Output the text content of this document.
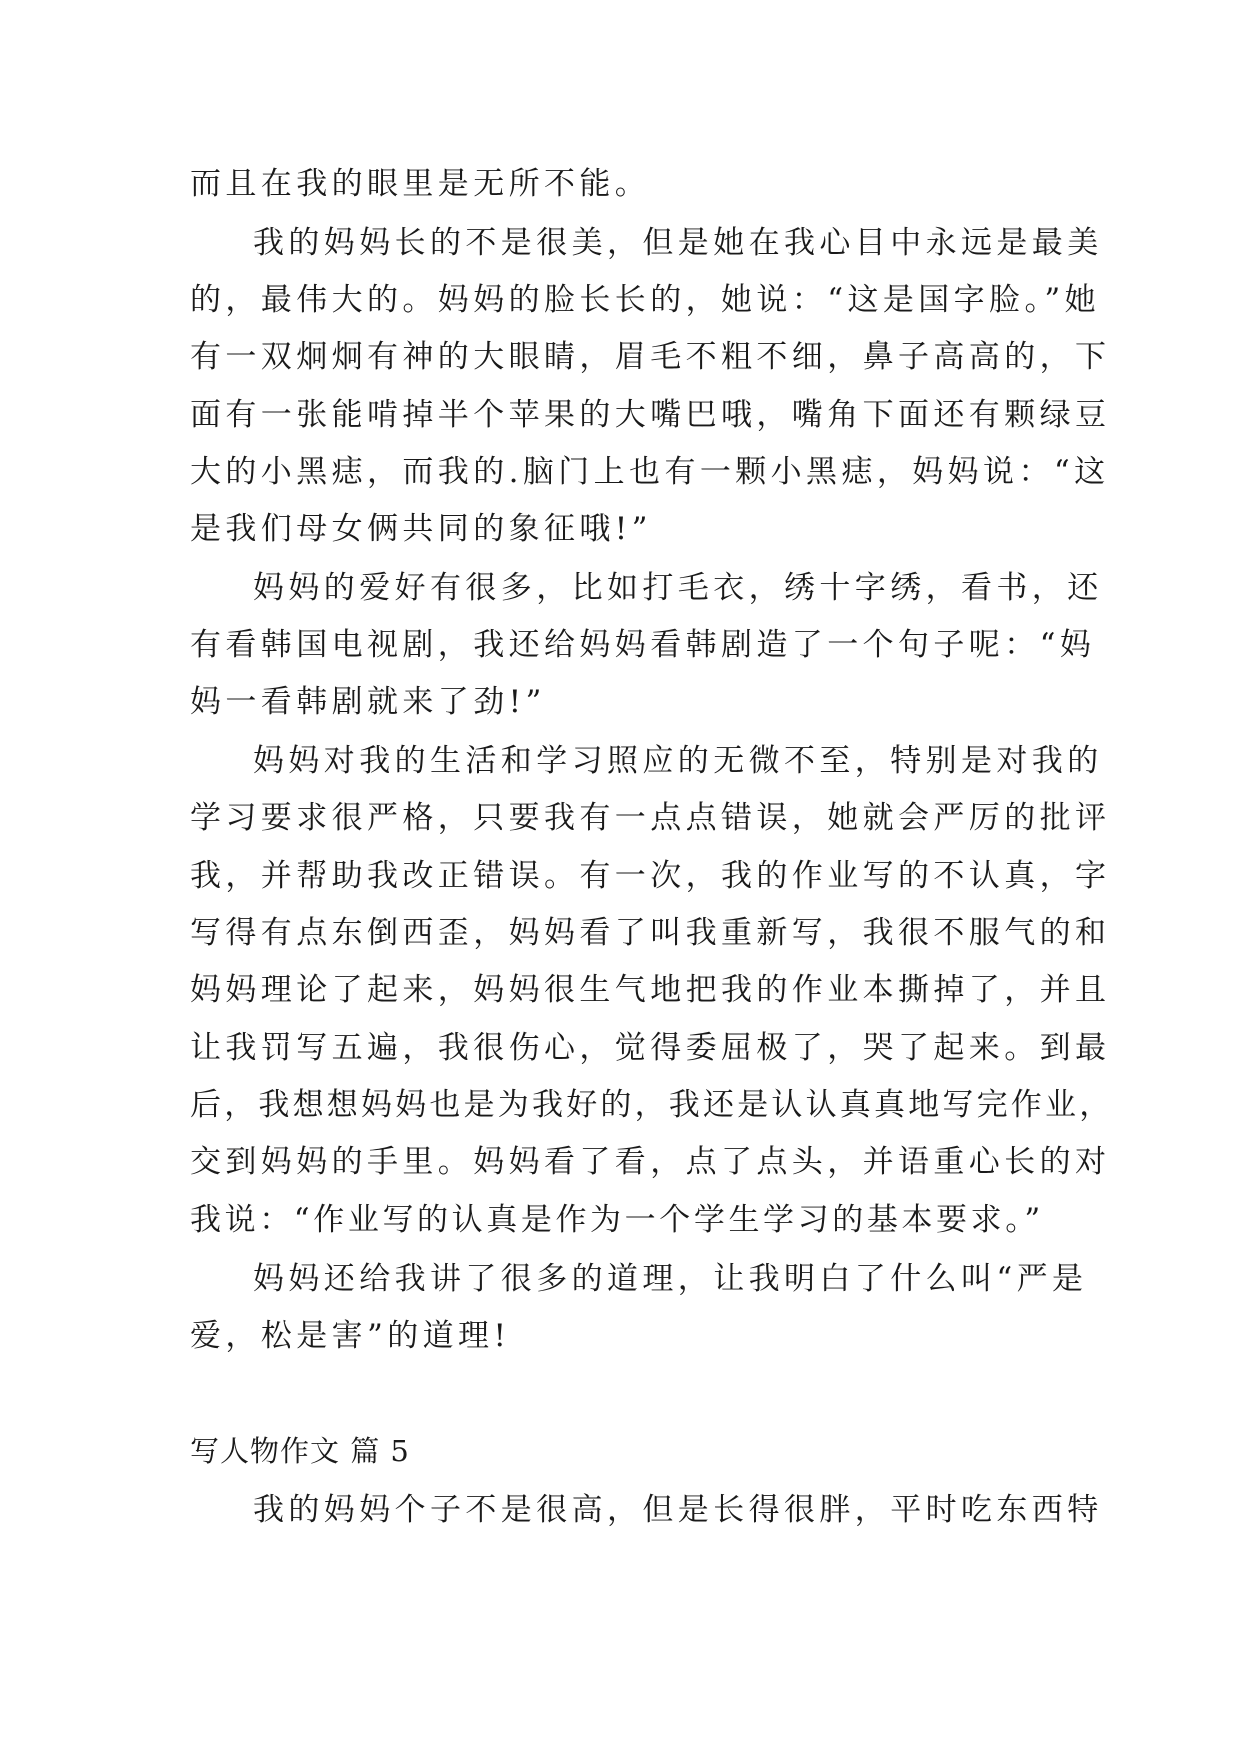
而且在我的眼里是无所不能。
我的妈妈长的不是很美，但是她在我心目中永远是最美
的，最伟大的。妈妈的脸长长的，她说：“这是国字脸。”她
有一双炯炯有神的大眼睛，眉毛不粗不细，鼻子高高的，下
面有一张能啃掉半个苹果的大嘴巴哦，嘴角下面还有颗绿豆
大的小黑痣，而我的.脑门上也有一颗小黑痣，妈妈说：“这
是我们母女俩共同的象征哦!”
妈妈的爱好有很多，比如打毛衣，绣十字绣，看书，还
有看韩国电视剧，我还给妈妈看韩剧造了一个句子呢：“妈
妈一看韩剧就来了劲!”
妈妈对我的生活和学习照应的无微不至，特别是对我的
学习要求很严格，只要我有一点点错误，她就会严厉的批评
我，并帮助我改正错误。有一次，我的作业写的不认真，字
写得有点东倒西歪，妈妈看了叫我重新写，我很不服气的和
妈妈理论了起来，妈妈很生气地把我的作业本撕掉了，并且
让我罚写五遍，我很伤心，觉得委屈极了，哭了起来。到最
后，我想想妈妈也是为我好的，我还是认认真真地写完作业，
交到妈妈的手里。妈妈看了看，点了点头，并语重心长的对
我说：“作业写的认真是作为一个学生学习的基本要求。”
妈妈还给我讲了很多的道理，让我明白了什么叫“严是
爱，松是害”的道理!
写人物作文 篇 5
我的妈妈个子不是很高，但是长得很胖，平时吃东西特
